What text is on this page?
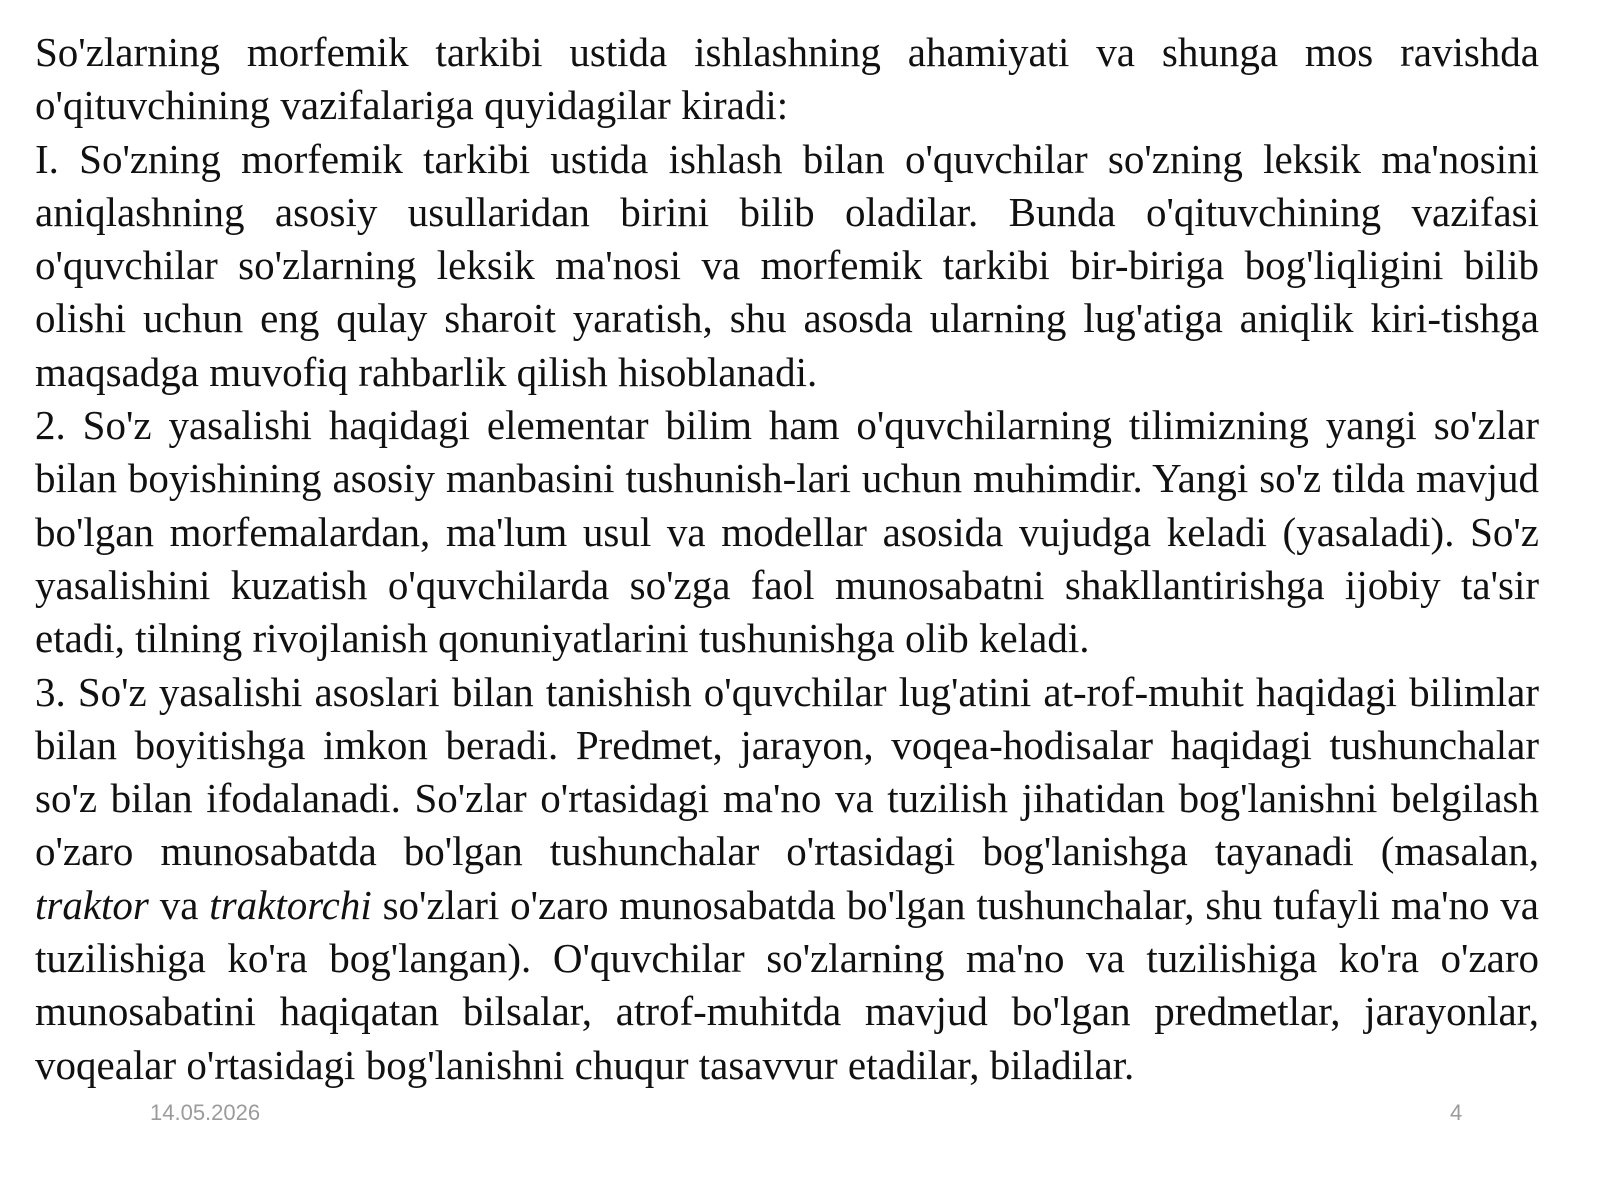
So'zlarning morfemik tarkibi ustida ishlashning ahamiyati va shunga mos ravishda o'qituvchining vazifalariga quyidagilar kiradi:

I. So'zning morfemik tarkibi ustida ishlash bilan o'quvchilar so'zning leksik ma'nosini aniqlashning asosiy usullaridan birini bilib oladilar. Bunda o'qituvchining vazifasi o'quvchilar so'zlarning leksik ma'nosi va morfemik tarkibi bir-biriga bog'liqligini bilib olishi uchun eng qulay sharoit yaratish, shu asosda ularning lug'atiga aniqlik kiri-tishga maqsadga muvofiq rahbarlik qilish hisoblanadi.

2. So'z yasalishi haqidagi elementar bilim ham o'quvchilarning tilimizning yangi so'zlar bilan boyishining asosiy manbasini tushunish-lari uchun muhimdir. Yangi so'z tilda mavjud bo'lgan morfemalardan, ma'lum usul va modellar asosida vujudga keladi (yasaladi). So'z yasalishini kuzatish o'quvchilarda so'zga faol munosabatni shakllantirishga ijobiy ta'sir etadi, tilning rivojlanish qonuniyatlarini tushunishga olib keladi.

3. So'z yasalishi asoslari bilan tanishish o'quvchilar lug'atini at-rof-muhit haqidagi bilimlar bilan boyitishga imkon beradi. Predmet, jarayon, voqea-hodisalar haqidagi tushunchalar so'z bilan ifodalanadi. So'zlar o'rtasidagi ma'no va tuzilish jihatidan bog'lanishni belgilash o'zaro munosabatda bo'lgan tushunchalar o'rtasidagi bog'lanishga tayanadi (masalan, traktor va traktorchi so'zlari o'zaro munosabatda bo'lgan tushunchalar, shu tufayli ma'no va tuzilishiga ko'ra bog'langan). O'quvchilar so'zlarning ma'no va tuzilishiga ko'ra o'zaro munosabatini haqiqatan bilsalar, atrof-muhitda mavjud bo'lgan predmetlar, jarayonlar, voqealar o'rtasidagi bog'lanishni chuqur tasavvur etadilar, biladilar.

14.05.2026	4
